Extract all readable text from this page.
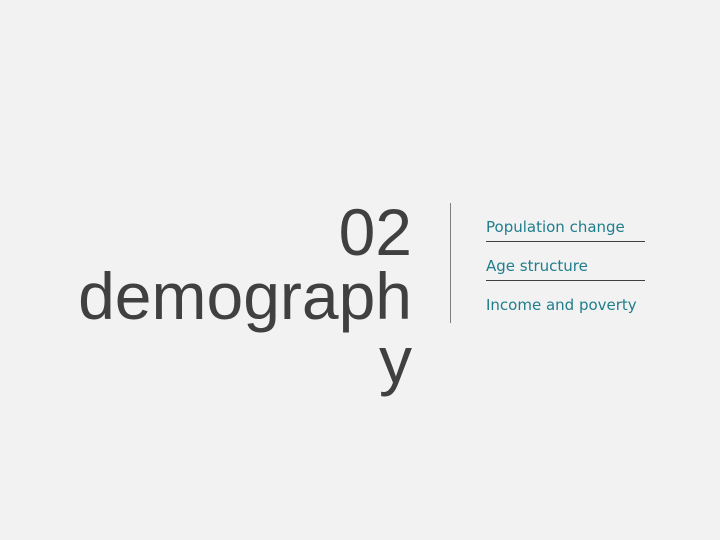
02
demograph
y
Population change
Age structure
Income and poverty
